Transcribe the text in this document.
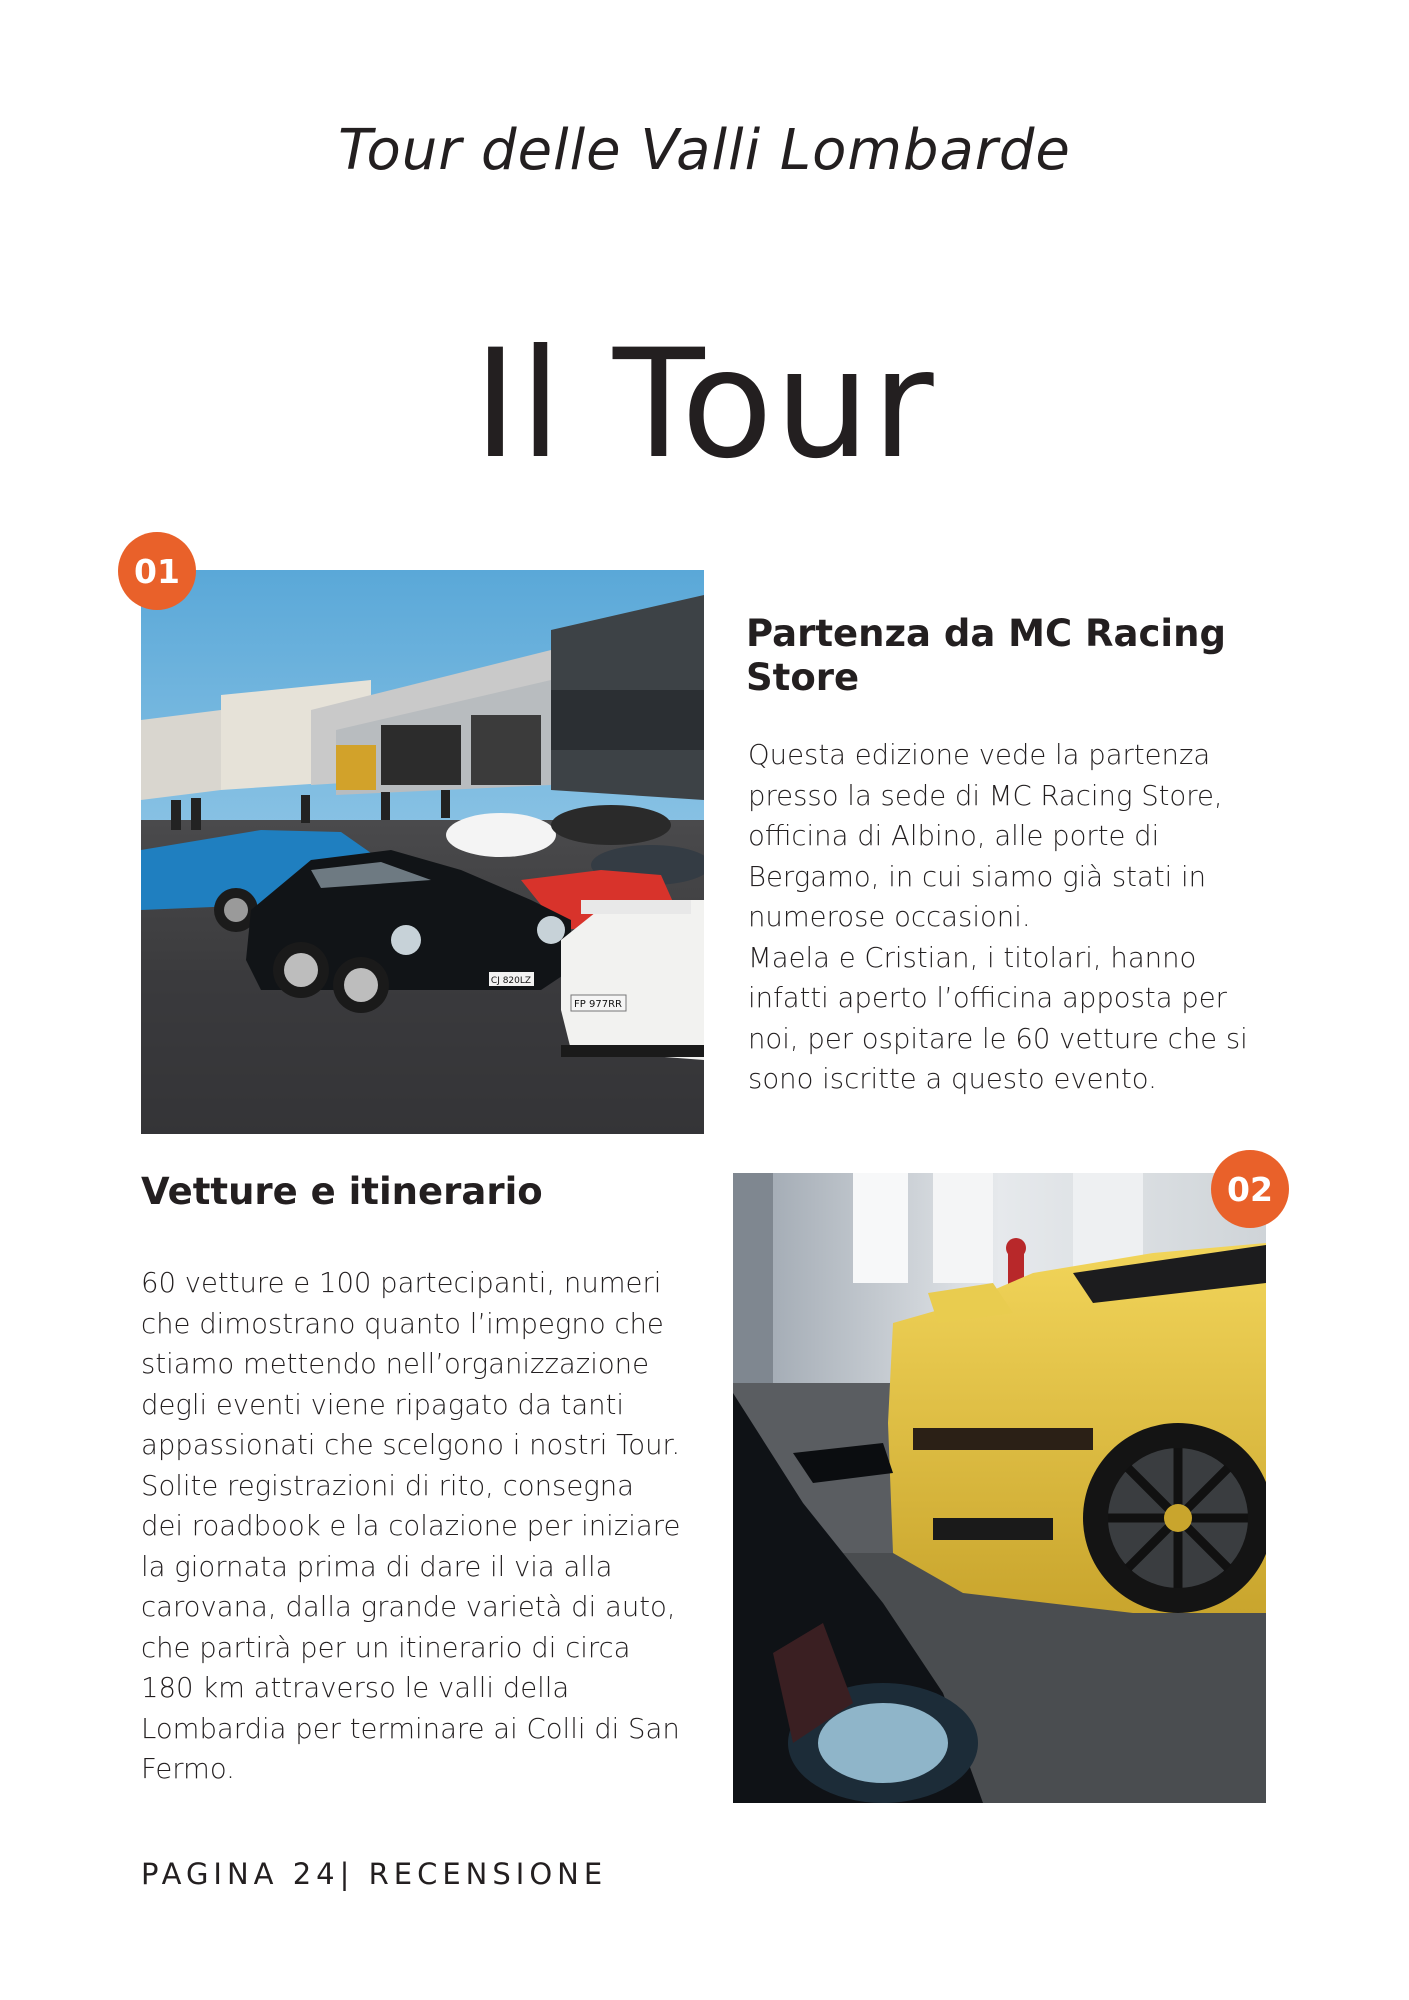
Tour delle Valli Lombarde
Il Tour
01
CJ 820LZ
FP 977RR
Partenza da MC Racing Store

Questa edizione vede la partenza presso la sede di MC Racing Store, officina di Albino, alle porte di Bergamo, in cui siamo già stati in numerose occasioni.

Maela e Cristian, i titolari, hanno infatti aperto l’officina apposta per noi, per ospitare le 60 vetture che si sono iscritte a questo evento.

Vetture e itinerario

60 vetture e 100 partecipanti, numeri che dimostrano quanto l’impegno che stiamo mettendo nell’organizzazione degli eventi viene ripagato da tanti appassionati che scelgono i nostri Tour.

Solite registrazioni di rito, consegna dei roadbook e la colazione per iniziare la giornata prima di dare il via alla carovana, dalla grande varietà di auto, che partirà per un itinerario di circa 180 km attraverso le valli della Lombardia per terminare ai Colli di San Fermo.

02
PAGINA 24| RECENSIONE
